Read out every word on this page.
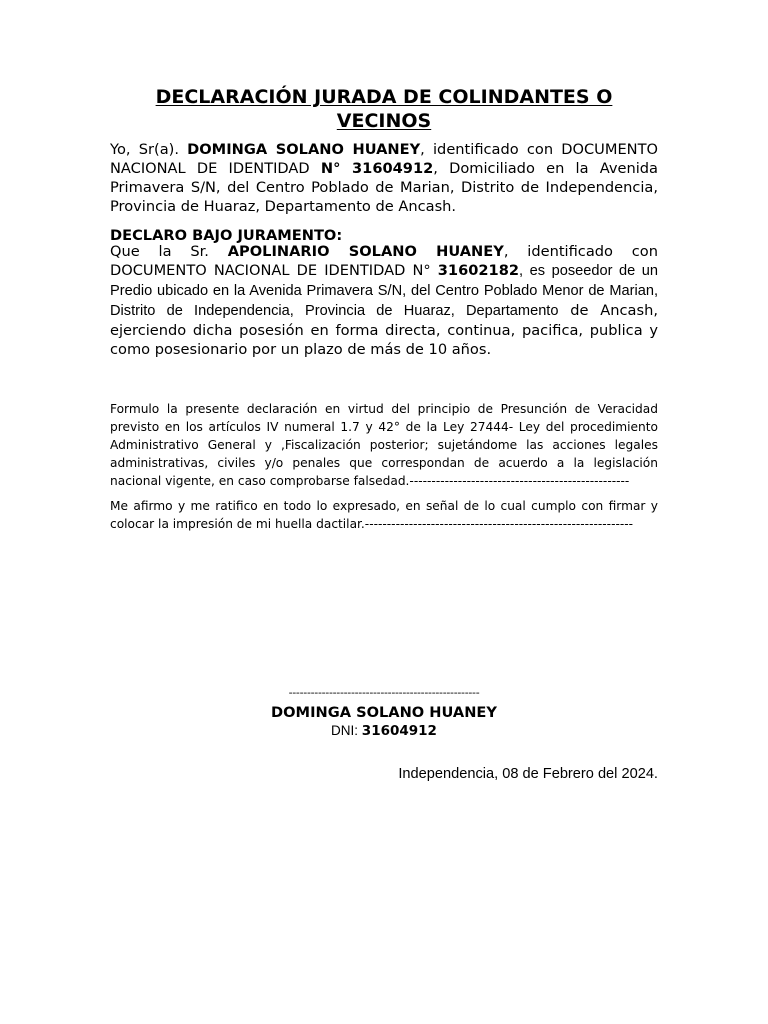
DECLARACIÓN JURADA DE COLINDANTES O VECINOS

Yo, Sr(a). DOMINGA SOLANO HUANEY, identificado con DOCUMENTO NACIONAL DE IDENTIDAD N° 31604912, Domiciliado en la Avenida Primavera S/N, del Centro Poblado de Marian, Distrito de Independencia, Provincia de Huaraz, Departamento de Ancash.

DECLARO BAJO JURAMENTO:

Que la Sr. APOLINARIO SOLANO HUANEY, identificado con DOCUMENTO NACIONAL DE IDENTIDAD N° 31602182, es poseedor de un Predio ubicado en la Avenida Primavera S/N, del Centro Poblado Menor de Marian, Distrito de Independencia, Provincia de Huaraz, Departamento de Ancash, ejerciendo dicha posesión en forma directa, continua, pacifica, publica y como posesionario por un plazo de más de 10 años.

Formulo la presente declaración en virtud del principio de Presunción de Veracidad previsto en los artículos IV numeral 1.7 y 42° de la Ley 27444- Ley del procedimiento Administrativo General y ,Fiscalización posterior; sujetándome las acciones legales administrativas, civiles y/o penales que correspondan de acuerdo a la legislación nacional vigente, en caso comprobarse falsedad.--------------------------------------------------

Me afirmo y me ratifico en todo lo expresado, en señal de lo cual cumplo con firmar y colocar la impresión de mi huella dactilar.-------------------------------------------------------------

----------------------------------------------------

DOMINGA SOLANO HUANEY

DNI: 31604912

Independencia, 08 de Febrero del 2024.
